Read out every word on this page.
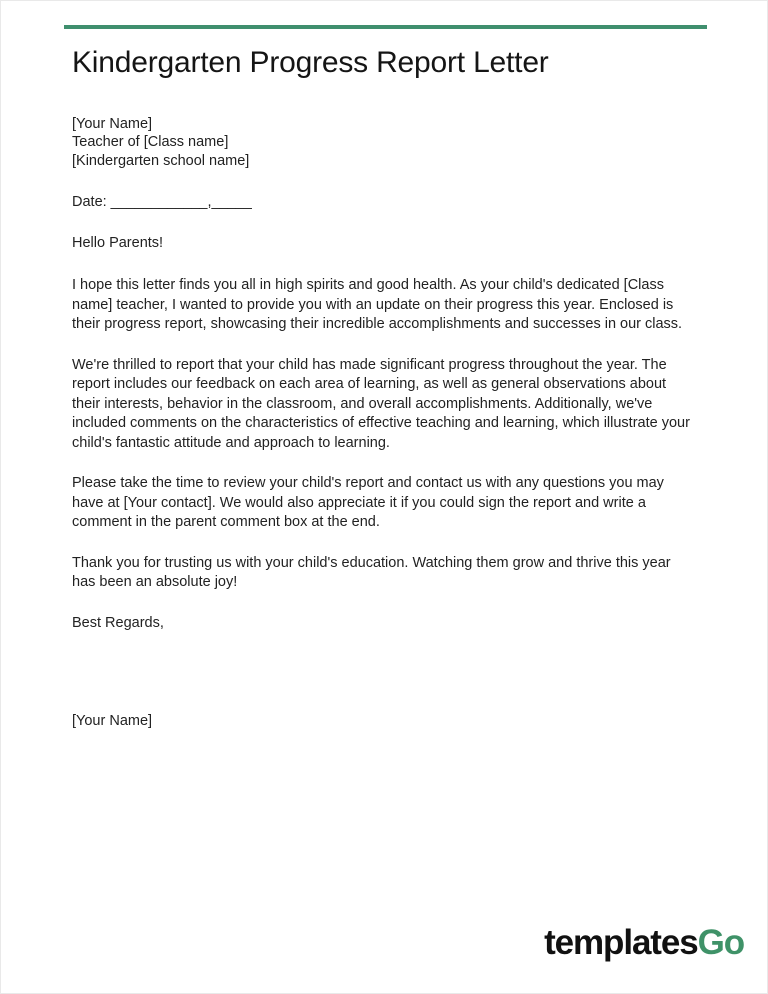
Kindergarten Progress Report Letter
[Your Name]
Teacher of [Class name]
[Kindergarten school name]
Date: ____________,_____
Hello Parents!

I hope this letter finds you all in high spirits and good health. As your child's dedicated [Class name] teacher, I wanted to provide you with an update on their progress this year. Enclosed is their progress report, showcasing their incredible accomplishments and successes in our class.

We're thrilled to report that your child has made significant progress throughout the year. The report includes our feedback on each area of learning, as well as general observations about their interests, behavior in the classroom, and overall accomplishments. Additionally, we've included comments on the characteristics of effective teaching and learning, which illustrate your child's fantastic attitude and approach to learning.

Please take the time to review your child's report and contact us with any questions you may have at [Your contact]. We would also appreciate it if you could sign the report and write a comment in the parent comment box at the end.

Thank you for trusting us with your child's education. Watching them grow and thrive this year has been an absolute joy!

Best Regards,

[Your Name]

templatesGo
